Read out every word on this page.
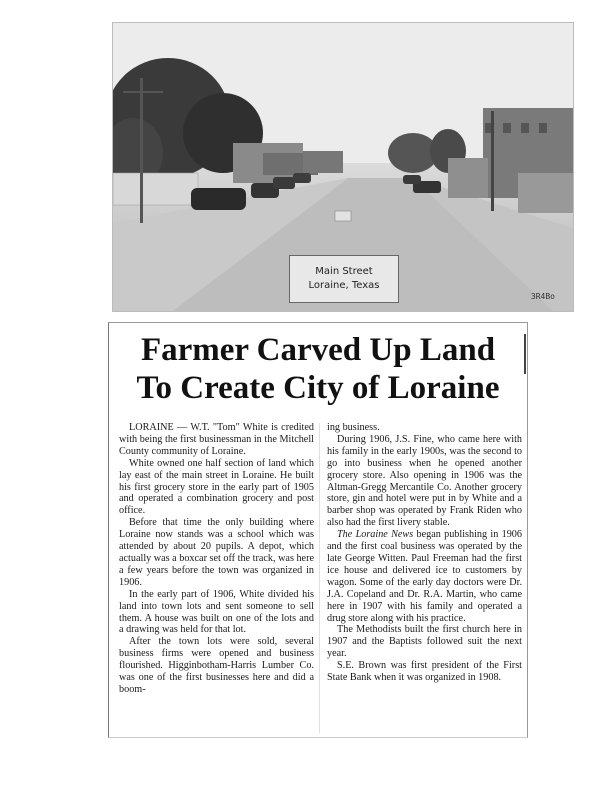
Main Street
Loraine, Texas
3R4Bo
Farmer Carved Up Land
To Create City of Loraine

LORAINE — W.T. "Tom" White is credited with being the first businessman in the Mitchell County community of Loraine.

White owned one half section of land which lay east of the main street in Loraine. He built his first grocery store in the early part of 1905 and operated a combination grocery and post office.

Before that time the only building where Loraine now stands was a school which was attended by about 20 pupils. A depot, which actually was a boxcar set off the track, was here a few years before the town was organized in 1906.

In the early part of 1906, White divided his land into town lots and sent someone to sell them. A house was built on one of the lots and a drawing was held for that lot.

After the town lots were sold, several business firms were opened and business flourished. Higginbotham-Harris Lumber Co. was one of the first businesses here and did a boom-

ing business.

During 1906, J.S. Fine, who came here with his family in the early 1900s, was the second to go into business when he opened another grocery store. Also opening in 1906 was the Altman-Gregg Mercantile Co. Another grocery store, gin and hotel were put in by White and a barber shop was operated by Frank Riden who also had the first livery stable.

The Loraine News began publishing in 1906 and the first coal business was operated by the late George Witten. Paul Freeman had the first ice house and delivered ice to customers by wagon. Some of the early day doctors were Dr. J.A. Copeland and Dr. R.A. Martin, who came here in 1907 with his family and operated a drug store along with his practice.

The Methodists built the first church here in 1907 and the Baptists followed suit the next year.

S.E. Brown was first president of the First State Bank when it was organized in 1908.
